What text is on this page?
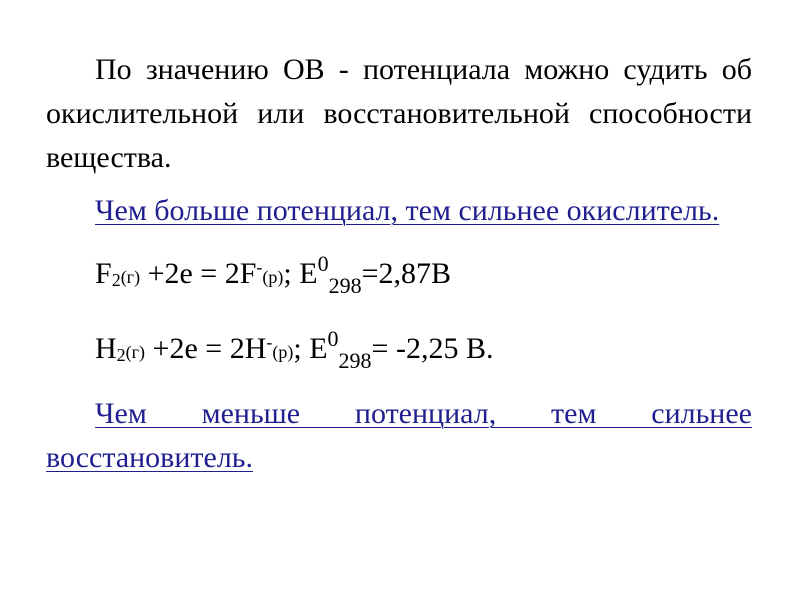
По значению ОВ - потенциала можно судить об окислительной или восстановительной способности вещества.

Чем больше потенциал, тем сильнее окислитель.

F2(г) +2e = 2F-(р); $E^0_{298}=2,87В$

H2(г) +2e = 2H-(р); $E^0_{298}= -2,25$ В.

Чем меньше потенциал, тем сильнее восстановитель.
